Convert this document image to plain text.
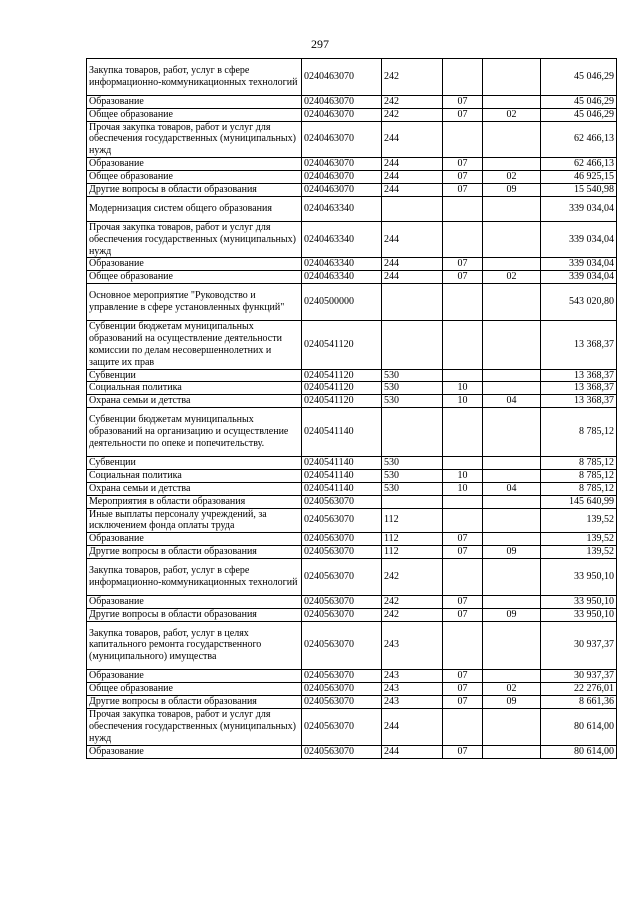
297
Закупка товаров, работ, услуг в сфере информационно-коммуникационных технологий	0240463070	242			45 046,29
Образование	0240463070	242	07		45 046,29
Общее образование	0240463070	242	07	02	45 046,29
Прочая закупка товаров, работ и услуг для обеспечения государственных (муниципальных) нужд	0240463070	244			62 466,13
Образование	0240463070	244	07		62 466,13
Общее образование	0240463070	244	07	02	46 925,15
Другие вопросы в области образования	0240463070	244	07	09	15 540,98
Модернизация систем общего образования	0240463340				339 034,04
Прочая закупка товаров, работ и услуг для обеспечения государственных (муниципальных) нужд	0240463340	244			339 034,04
Образование	0240463340	244	07		339 034,04
Общее образование	0240463340	244	07	02	339 034,04
Основное мероприятие "Руководство и управление в сфере установленных функций"	0240500000				543 020,80
Субвенции бюджетам муниципальных образований на осуществление деятельности комиссии по делам несовершеннолетних и защите их прав	0240541120				13 368,37
Субвенции	0240541120	530			13 368,37
Социальная политика	0240541120	530	10		13 368,37
Охрана семьи и детства	0240541120	530	10	04	13 368,37
Субвенции бюджетам муниципальных образований на организацию и осуществление деятельности по опеке и попечительству.	0240541140				8 785,12
Субвенции	0240541140	530			8 785,12
Социальная политика	0240541140	530	10		8 785,12
Охрана семьи и детства	0240541140	530	10	04	8 785,12
Мероприятия в области образования	0240563070				145 640,99
Иные выплаты персоналу учреждений, за исключением фонда оплаты труда	0240563070	112			139,52
Образование	0240563070	112	07		139,52
Другие вопросы в области образования	0240563070	112	07	09	139,52
Закупка товаров, работ, услуг в сфере информационно-коммуникационных технологий	0240563070	242			33 950,10
Образование	0240563070	242	07		33 950,10
Другие вопросы в области образования	0240563070	242	07	09	33 950,10
Закупка товаров, работ, услуг в целях капитального ремонта государственного (муниципального) имущества	0240563070	243			30 937,37
Образование	0240563070	243	07		30 937,37
Общее образование	0240563070	243	07	02	22 276,01
Другие вопросы в области образования	0240563070	243	07	09	8 661,36
Прочая закупка товаров, работ и услуг для обеспечения государственных (муниципальных) нужд	0240563070	244			80 614,00
Образование	0240563070	244	07		80 614,00
